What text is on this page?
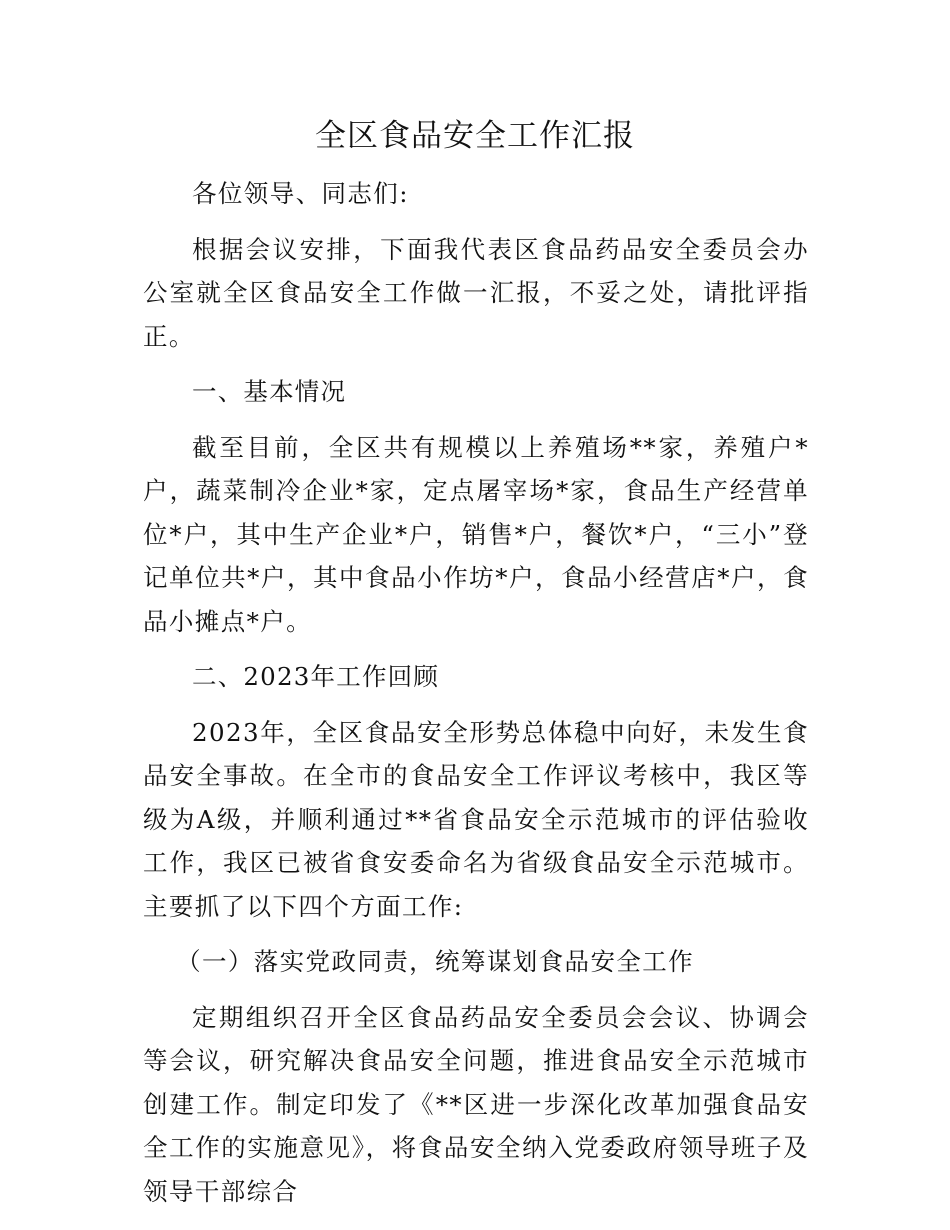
全区食品安全工作汇报

各位领导、同志们:

根据会议安排，下面我代表区食品药品安全委员会办公室就全区食品安全工作做一汇报，不妥之处，请批评指正。

一、基本情况

截至目前，全区共有规模以上养殖场**家，养殖户*户，蔬菜制冷企业*家，定点屠宰场*家，食品生产经营单位*户，其中生产企业*户，销售*户，餐饮*户，“三小”登记单位共*户，其中食品小作坊*户，食品小经营店*户，食品小摊点*户。

二、2023年工作回顾

2023年，全区食品安全形势总体稳中向好，未发生食品安全事故。在全市的食品安全工作评议考核中，我区等级为A级，并顺利通过**省食品安全示范城市的评估验收工作，我区已被省食安委命名为省级食品安全示范城市。主要抓了以下四个方面工作:

（一）落实党政同责，统筹谋划食品安全工作

定期组织召开全区食品药品安全委员会会议、协调会等会议，研究解决食品安全问题，推进食品安全示范城市创建工作。制定印发了《**区进一步深化改革加强食品安全工作的实施意见》，将食品安全纳入党委政府领导班子及领导干部综合
